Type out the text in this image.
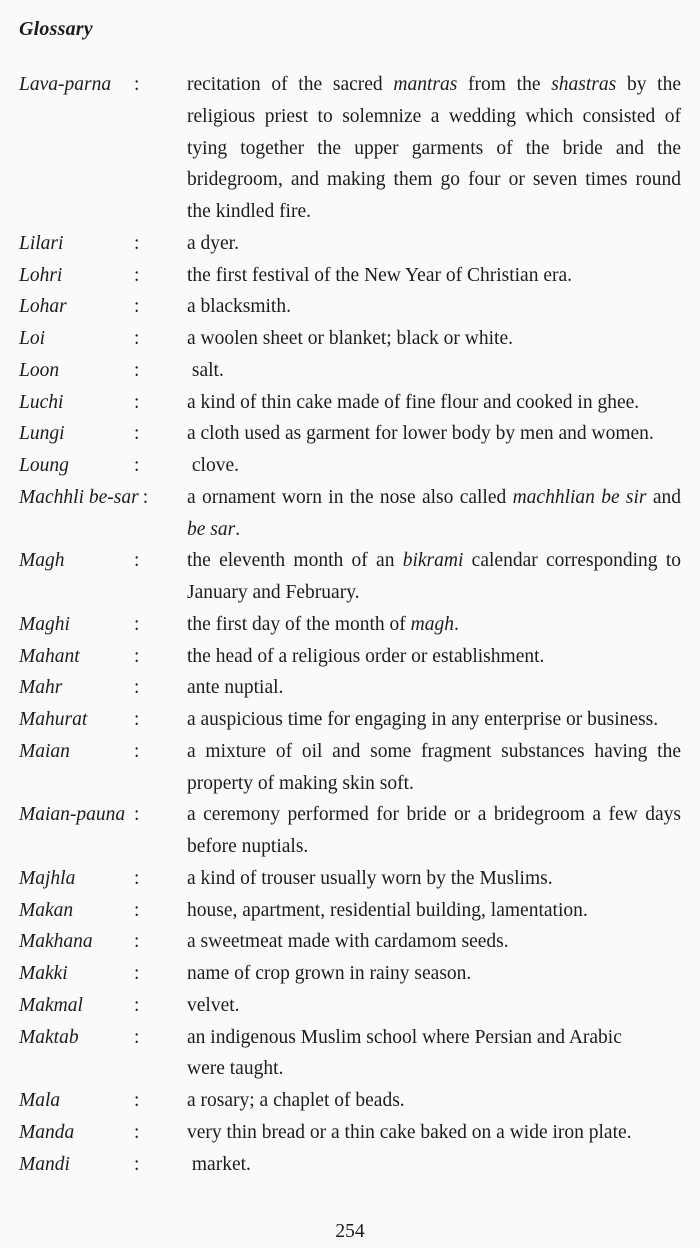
Glossary
Lava-parna	: recitation of the sacred mantras from the shastras by the
religious priest to solemnize a wedding which consisted of
tying together the upper garments of the bride and the
bridegroom, and making them go four or seven times round
the kindled fire.
Lilari	: a dyer.
Lohri	: the first festival of the New Year of Christian era.
Lohar	: a blacksmith.
Loi	: a woolen sheet or blanket; black or white.
Loon	: salt.
Luchi	: a kind of thin cake made of fine flour and cooked in ghee.
Lungi	: a cloth used as garment for lower body by men and women.
Loung	: clove.
Machhli be-sar : a ornament worn in the nose also called machhlian be sir and
be sar.
Magh	: the eleventh month of an bikrami calendar corresponding to
January and February.
Maghi	: the first day of the month of magh.
Mahant	: the head of a religious order or establishment.
Mahr	: ante nuptial.
Mahurat	: a auspicious time for engaging in any enterprise or business.
Maian	: a mixture of oil and some fragment substances having the
property of making skin soft.
Maian-pauna : a ceremony performed for bride or a bridegroom a few days
before nuptials.
Majhla	: a kind of trouser usually worn by the Muslims.
Makan	: house, apartment, residential building, lamentation.
Makhana	: a sweetmeat made with cardamom seeds.
Makki	: name of crop grown in rainy season.
Makmal	: velvet.
Maktab	: an indigenous Muslim school where Persian and Arabic
were taught.
Mala	: a rosary; a chaplet of beads.
Manda	: very thin bread or a thin cake baked on a wide iron plate.
Mandi	: market.
254
